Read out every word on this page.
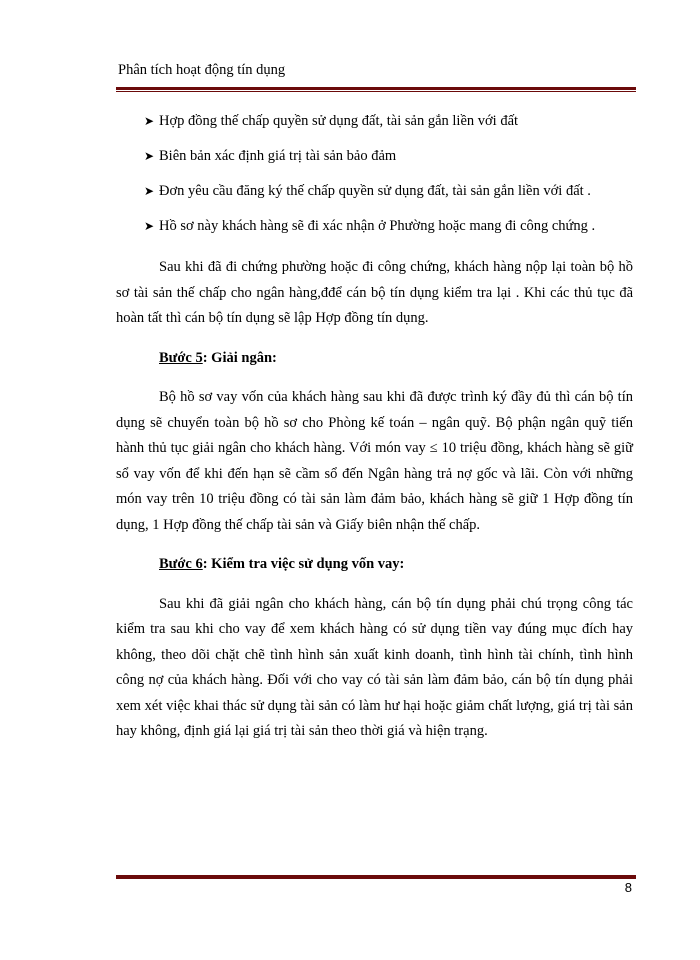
Phân tích hoạt động tín dụng
➤ Hợp đồng thế chấp quyền sử dụng đất, tài sản gắn liền với đất
➤ Biên bản xác định giá trị tài sản bảo đảm
➤ Đơn yêu cầu đăng ký thế chấp quyền sử dụng đất, tài sản gắn liền với đất .
➤ Hồ sơ này khách hàng sẽ đi xác nhận ở Phường hoặc mang đi công chứng .

Sau khi đã đi chứng phường hoặc đi công chứng, khách hàng nộp lại toàn bộ hồ sơ tài sản thế chấp cho ngân hàng,đđể cán bộ tín dụng kiểm tra lại . Khi các thủ tục đã hoàn tất thì cán bộ tín dụng sẽ lập Hợp đồng tín dụng.

Bước 5: Giải ngân:

Bộ hồ sơ vay vốn của khách hàng sau khi đã được trình ký đầy đủ thì cán bộ tín dụng sẽ chuyển toàn bộ hồ sơ cho Phòng kế toán – ngân quỹ. Bộ phận ngân quỹ tiến hành thủ tục giải ngân cho khách hàng. Với món vay ≤ 10 triệu đồng, khách hàng sẽ giữ sổ vay vốn để khi đến hạn sẽ cầm sổ đến Ngân hàng trả nợ gốc và lãi. Còn với những món vay trên 10 triệu đồng có tài sản làm đảm bảo, khách hàng sẽ giữ 1 Hợp đồng tín dụng, 1 Hợp đồng thế chấp tài sản và Giấy biên nhận thế chấp.

Bước 6: Kiểm tra việc sử dụng vốn vay:

Sau khi đã giải ngân cho khách hàng, cán bộ tín dụng phải chú trọng công tác kiểm tra sau khi cho vay để xem khách hàng có sử dụng tiền vay đúng mục đích hay không, theo dõi chặt chẽ tình hình sản xuất kinh doanh, tình hình tài chính, tình hình công nợ của khách hàng. Đối với cho vay có tài sản làm đảm bảo, cán bộ tín dụng phải xem xét việc khai thác sử dụng tài sản có làm hư hại hoặc giảm chất lượng, giá trị tài sản hay không, định giá lại giá trị tài sản theo thời giá và hiện trạng.

8
